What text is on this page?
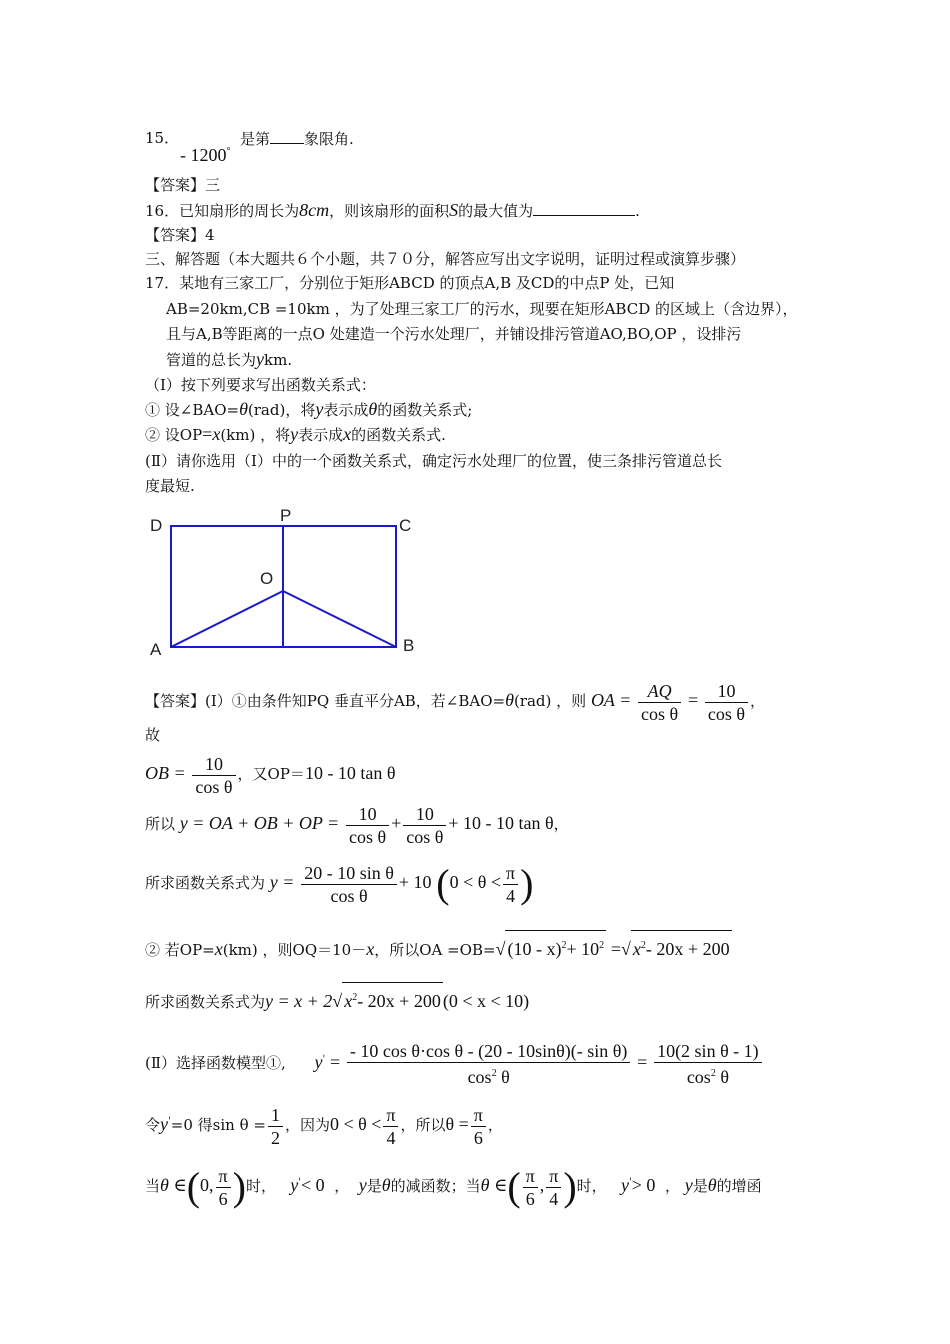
15．
- 1200°
是第 象限角.
【答案】三
16．已知扇形的周长为8cm，则该扇形的面积S的最大值为	.
【答案】4
三、解答题（本大题共６个小题，共７０分，解答应写出文字说明，证明过程或演算步骤）
17．某地有三家工厂，分别位于矩形ABCD 的顶点A,B 及CD的中点P 处，已知
AB=20km,CB =10km ，为了处理三家工厂的污水，现要在矩形ABCD 的区域上（含边界），
且与A,B等距离的一点O 处建造一个污水处理厂，并铺设排污管道AO,BO,OP ，设排污
管道的总长为ykm.
（Ⅰ）按下列要求写出函数关系式：
① 设∠BAO=θ(rad)，将y表示成θ的函数关系式;
② 设OP=x(km) ，将y表示成x的函数关系式.
(Ⅱ）请你选用（Ⅰ）中的一个函数关系式，确定污水处理厂的位置，使三条排污管道总长
度最短.
D
P
C
O
A	B
【答案】(Ⅰ）①由条件知PQ 垂直平分AB，若∠BAO=θ(rad) ，则 OA = $\frac{AQ}{\text{cos θ}} = \frac{10}{\text{cos θ}}$ ，
故
OB = $\frac{10}{\text{cos θ}}$ ，又OP＝10 - 10 tan θ
所以 y = OA + OB + OP = $\frac{10}{\text{cos θ}} + \frac{10}{\text{cos θ}} + 10 - 10$ tan θ，
所求函数关系式为 $y = \frac{\text{20 - 10 sin θ}}{\text{cos θ}} + 10$ ($0 < \theta < \frac{\pi}{4}$ )
② 若OP=x(km) ，则OQ＝10－x，所以OA =OB=√ $(10 - x)^2+ 10^2$ =√ $x^2-$ 20x + 200
所求函数关系式为y = x + 2√ $x^2-$ 20x + 200 (0 < x < 10)
(Ⅱ）选择函数模型①, $y' = \frac{\text{- 10 cos θ·cos θ - (20 - 10sinθ)(- sin θ)}}{\cos^2 \theta} = \frac{\text{10(2 sin θ - 1)}}{\cos^2 \theta}$
令y'=0 得$\sin \theta = \frac{1}{2}$ ，因为$0 < \theta < \frac{\pi}{4}$ ，所以$\theta = \frac{\pi}{6}$ ，
当θ ∈(0, $\frac{\pi}{6}$ )时， y'< 0 ， y是θ的减函数；当θ ∈( $\frac{\pi}{6}$ , $\frac{\pi}{4}$ )时， y'> 0 ， y是θ的增函
